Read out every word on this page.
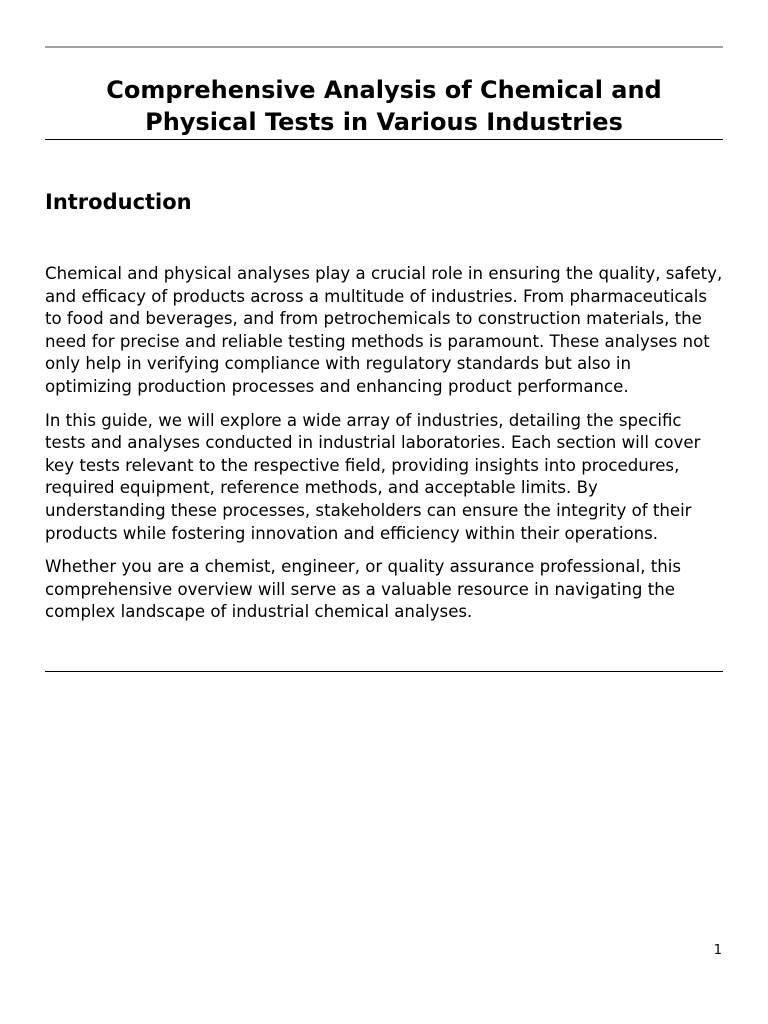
Comprehensive Analysis of Chemical and
Physical Tests in Various Industries
Introduction

Chemical and physical analyses play a crucial role in ensuring the quality, safety, and efficacy of products across a multitude of industries. From pharmaceuticals to food and beverages, and from petrochemicals to construction materials, the need for precise and reliable testing methods is paramount. These analyses not only help in verifying compliance with regulatory standards but also in optimizing production processes and enhancing product performance.

In this guide, we will explore a wide array of industries, detailing the specific tests and analyses conducted in industrial laboratories. Each section will cover key tests relevant to the respective field, providing insights into procedures, required equipment, reference methods, and acceptable limits. By understanding these processes, stakeholders can ensure the integrity of their products while fostering innovation and efficiency within their operations.

Whether you are a chemist, engineer, or quality assurance professional, this comprehensive overview will serve as a valuable resource in navigating the complex landscape of industrial chemical analyses.

1
